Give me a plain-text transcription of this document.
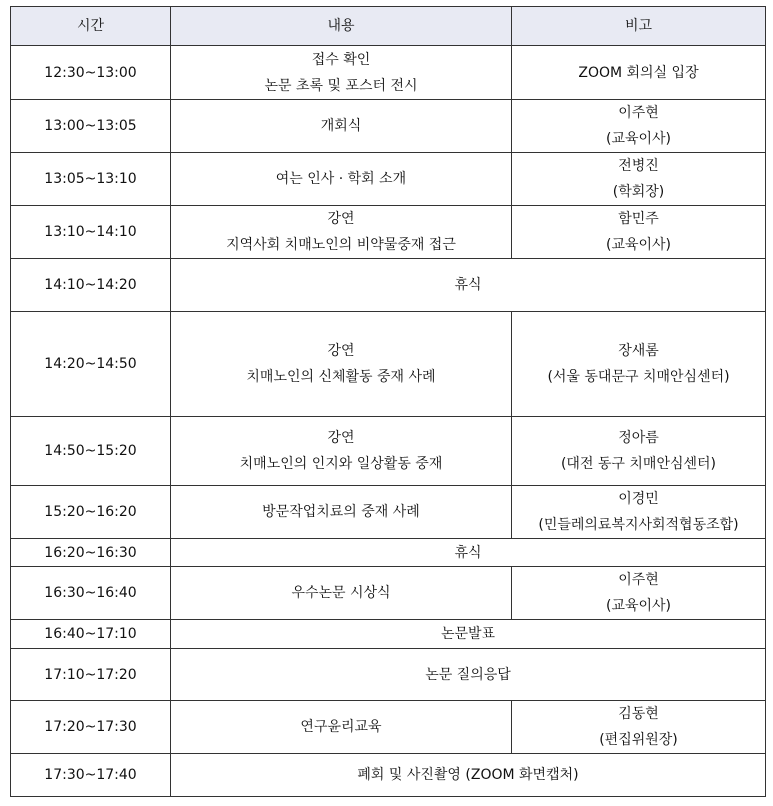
시간	내용	비고
12:30~13:00	접수 확인
논문 초록 및 포스터 전시	ZOOM 회의실 입장

13:00~13:05	개회식	이주현
(교육이사)

13:05~13:10	여는 인사 · 학회 소개	전병진
(학회장)

13:10~14:10	강연
지역사회 치매노인의 비약물중재 접근	함민주
(교육이사)

14:10~14:20	휴식	

14:20~14:50	강연
치매노인의 신체활동 중재 사례	장새롬
(서울 동대문구 치매안심센터)

14:50~15:20	강연
치매노인의 인지와 일상활동 중재	정아름
(대전 동구 치매안심센터)

15:20~16:20	방문작업치료의 중재 사례	이경민
(민들레의료복지사회적협동조합)

16:20~16:30	휴식	

16:30~16:40	우수논문 시상식	이주현
(교육이사)

16:40~17:10	논문발표	

17:10~17:20	논문 질의응답	

17:20~17:30	연구윤리교육	김동현
(편집위원장)

17:30~17:40	폐회 및 사진촬영 (ZOOM 화면캡처)	
